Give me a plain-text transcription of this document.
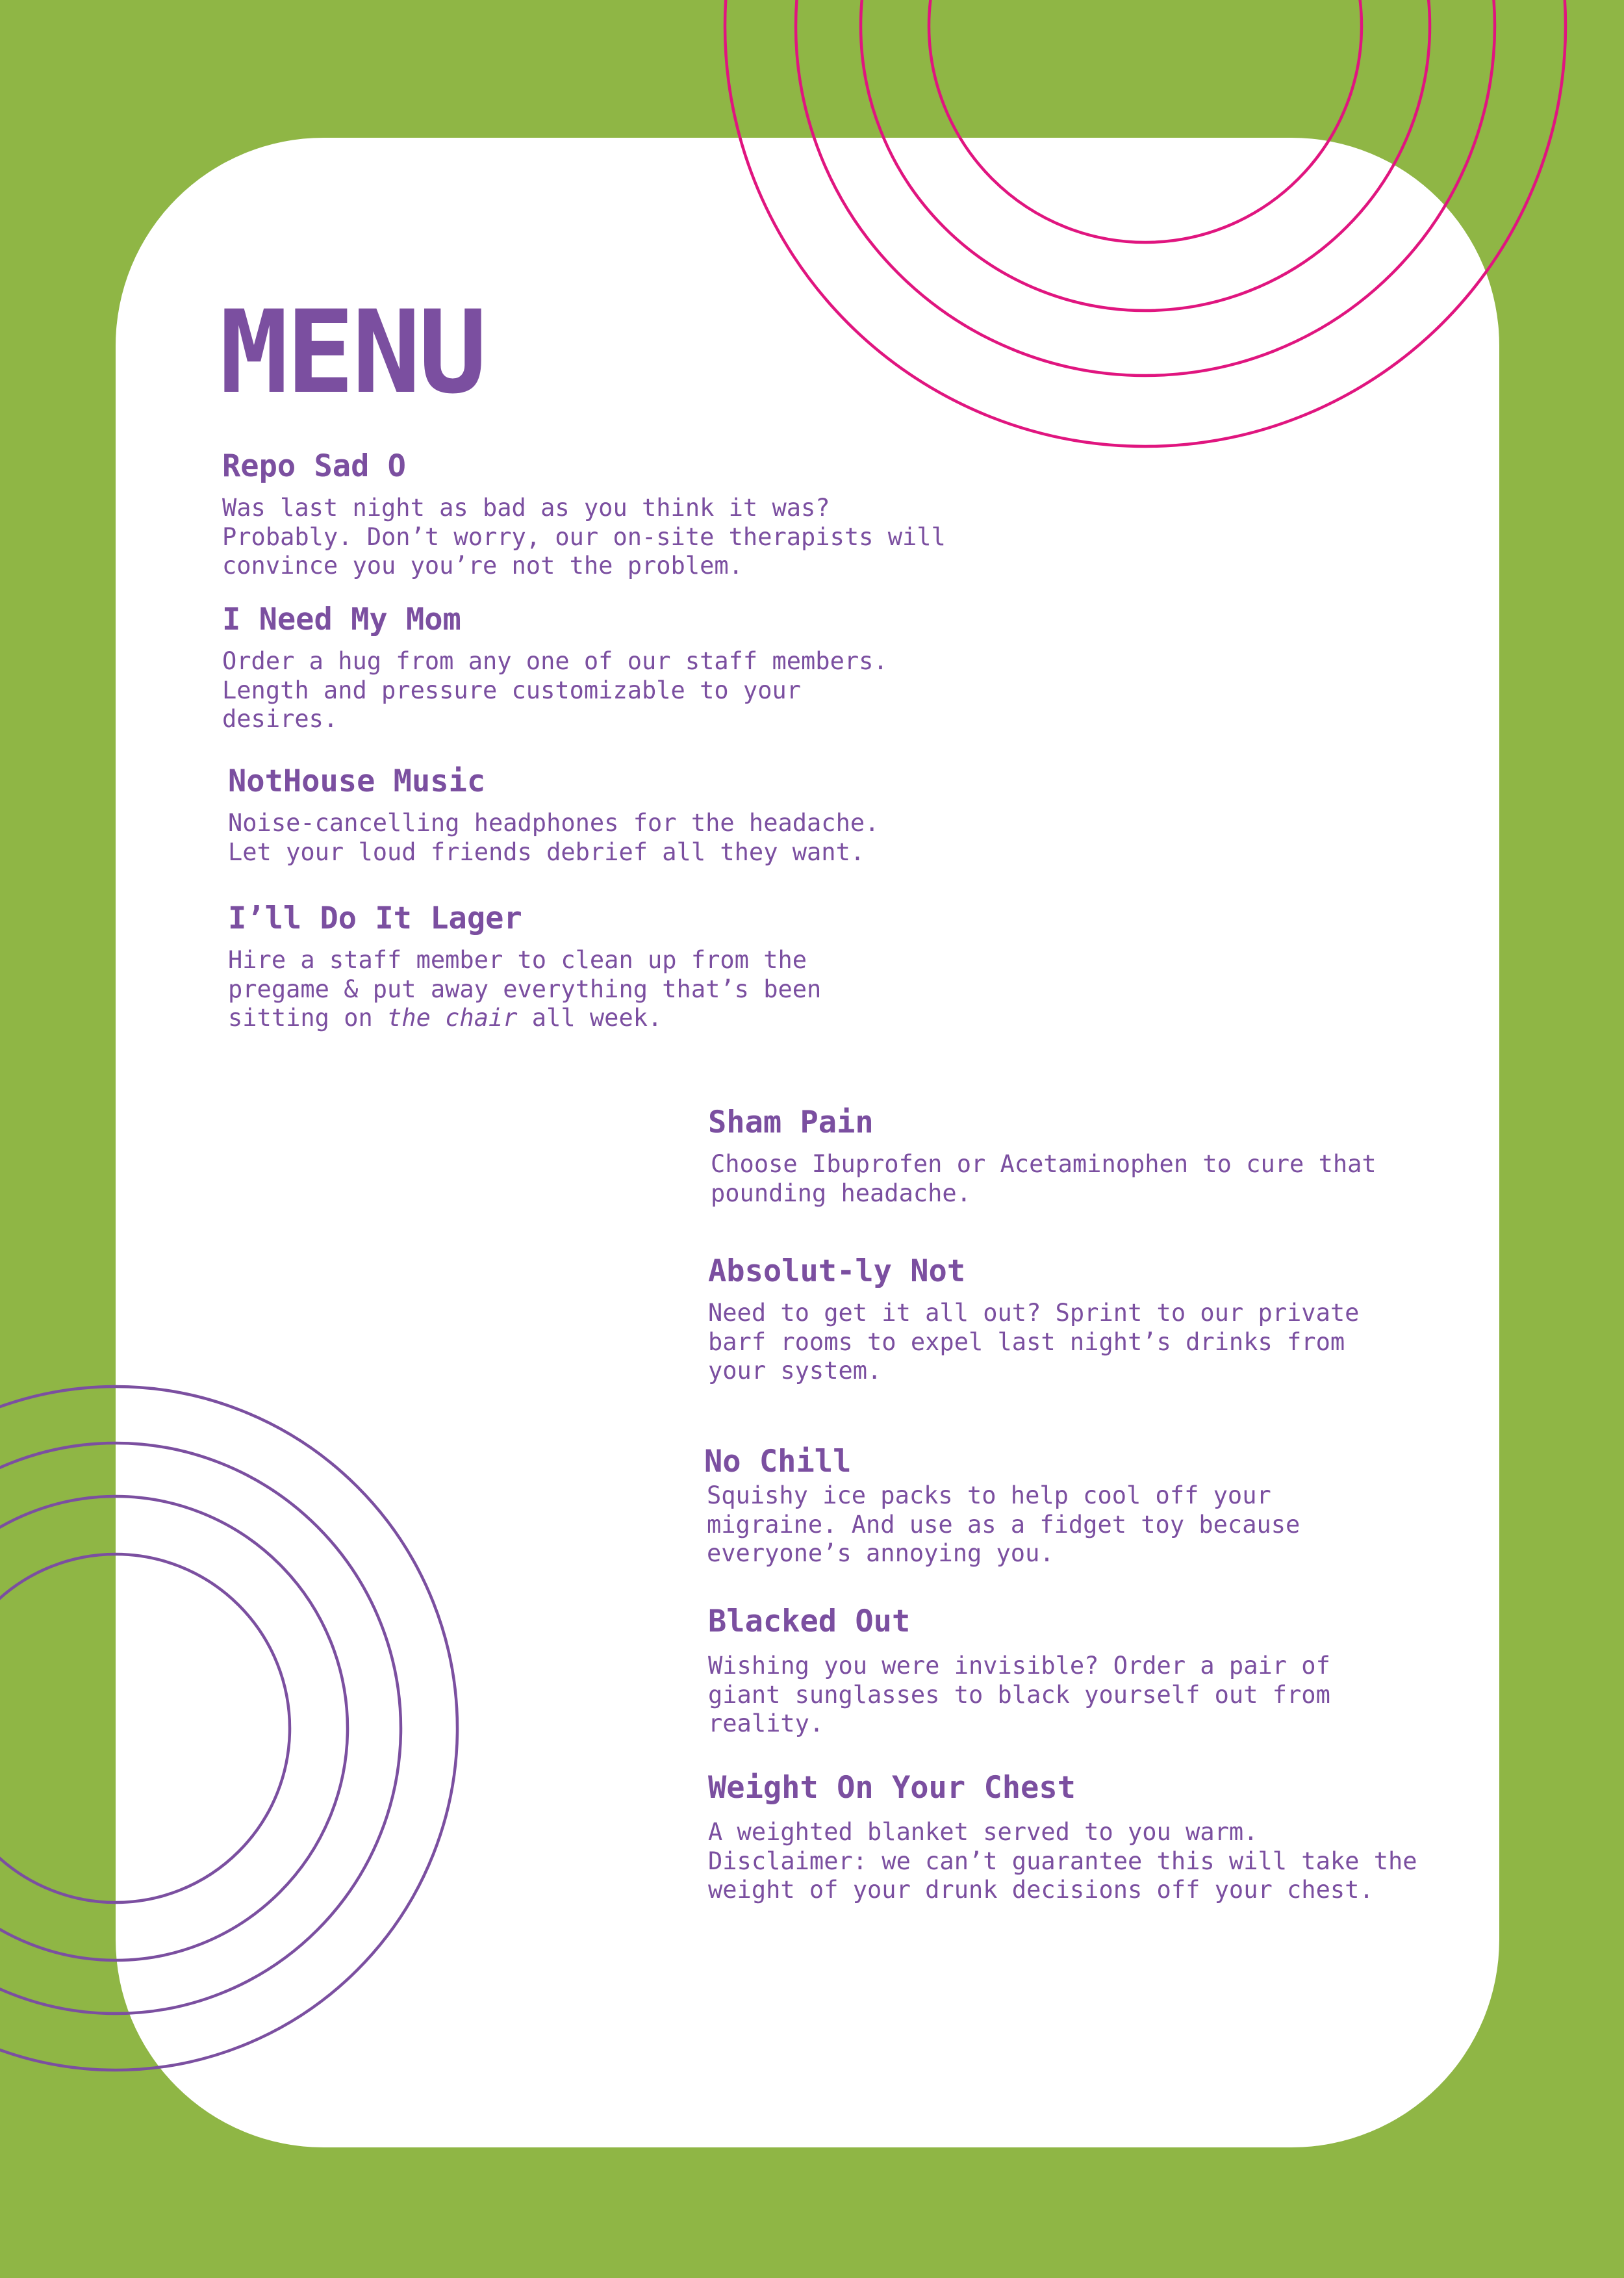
MENU
Repo Sad O

Was last night as bad as you think it was?
Probably. Don’t worry, our on-site therapists will
convince you you’re not the problem.

I Need My Mom

Order a hug from any one of our staff members.
Length and pressure customizable to your
desires.

NotHouse Music

Noise-cancelling headphones for the headache.
Let your loud friends debrief all they want.

I’ll Do It Lager

Hire a staff member to clean up from the
pregame & put away everything that’s been
sitting on the chair all week.

Sham Pain

Choose Ibuprofen or Acetaminophen to cure that
pounding headache.

Absolut-ly Not

Need to get it all out? Sprint to our private
barf rooms to expel last night’s drinks from
your system.

No Chill

Squishy ice packs to help cool off your
migraine. And use as a fidget toy because
everyone’s annoying you.

Blacked Out

Wishing you were invisible? Order a pair of
giant sunglasses to black yourself out from
reality.

Weight On Your Chest

A weighted blanket served to you warm.
Disclaimer: we can’t guarantee this will take the
weight of your drunk decisions off your chest.
